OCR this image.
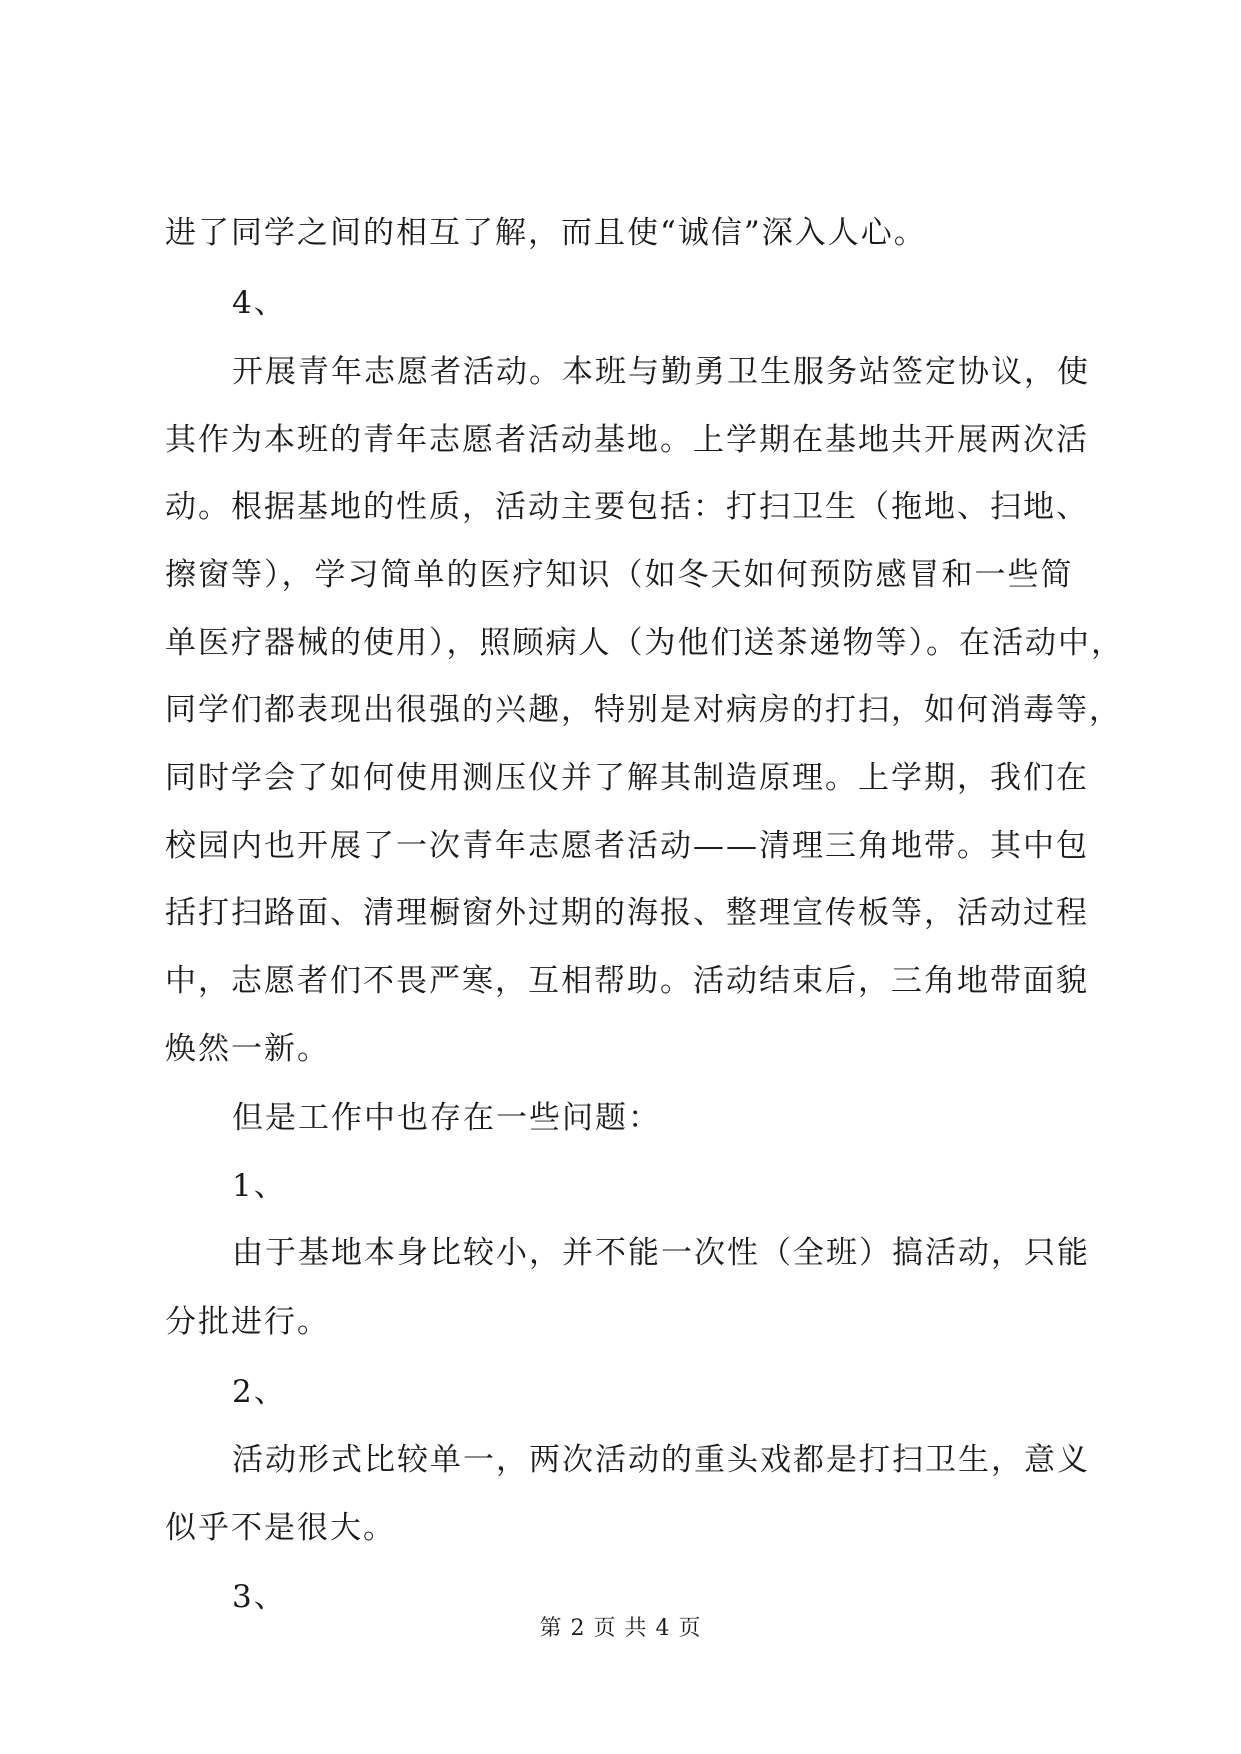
进了同学之间的相互了解，而且使“诚信”深入人心。
4、
开展青年志愿者活动。本班与勤勇卫生服务站签定协议，使
其作为本班的青年志愿者活动基地。上学期在基地共开展两次活
动。根据基地的性质，活动主要包括：打扫卫生（拖地、扫地、
擦窗等），学习简单的医疗知识（如冬天如何预防感冒和一些简
单医疗器械的使用），照顾病人（为他们送茶递物等）。在活动中，
同学们都表现出很强的兴趣，特别是对病房的打扫，如何消毒等，
同时学会了如何使用测压仪并了解其制造原理。上学期，我们在
校园内也开展了一次青年志愿者活动——清理三角地带。其中包
括打扫路面、清理橱窗外过期的海报、整理宣传板等，活动过程
中，志愿者们不畏严寒，互相帮助。活动结束后，三角地带面貌
焕然一新。
但是工作中也存在一些问题：
1、
由于基地本身比较小，并不能一次性（全班）搞活动，只能
分批进行。
2、
活动形式比较单一，两次活动的重头戏都是打扫卫生，意义
似乎不是很大。
3、
第 2 页 共 4 页
